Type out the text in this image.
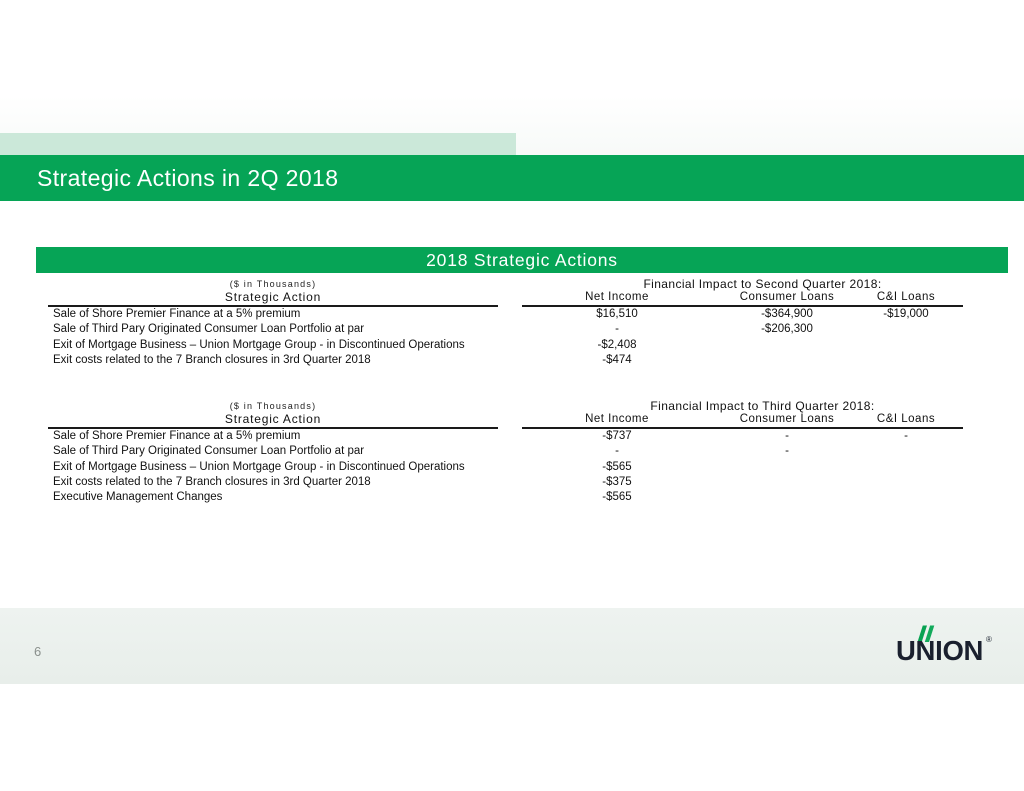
Strategic Actions in 2Q 2018
2018 Strategic Actions
($ in Thousands)	Financial Impact to Second Quarter 2018:
Strategic Action	Net Income	Consumer Loans	C&I Loans
Sale of Shore Premier Finance at a 5% premium	$16,510	-$364,900	-$19,000
Sale of Third Pary Originated Consumer Loan Portfolio at par	-	-$206,300
Exit of Mortgage Business – Union Mortgage Group - in Discontinued Operations	-$2,408
Exit costs related to the 7 Branch closures in 3rd Quarter 2018	-$474
($ in Thousands)	Financial Impact to Third Quarter 2018:
Strategic Action	Net Income	Consumer Loans	C&I Loans
Sale of Shore Premier Finance at a 5% premium	-$737	-	-
Sale of Third Pary Originated Consumer Loan Portfolio at par	-	-
Exit of Mortgage Business – Union Mortgage Group - in Discontinued Operations	-$565
Exit costs related to the 7 Branch closures in 3rd Quarter 2018	-$375
Executive Management Changes	-$565
6	UNION ®
